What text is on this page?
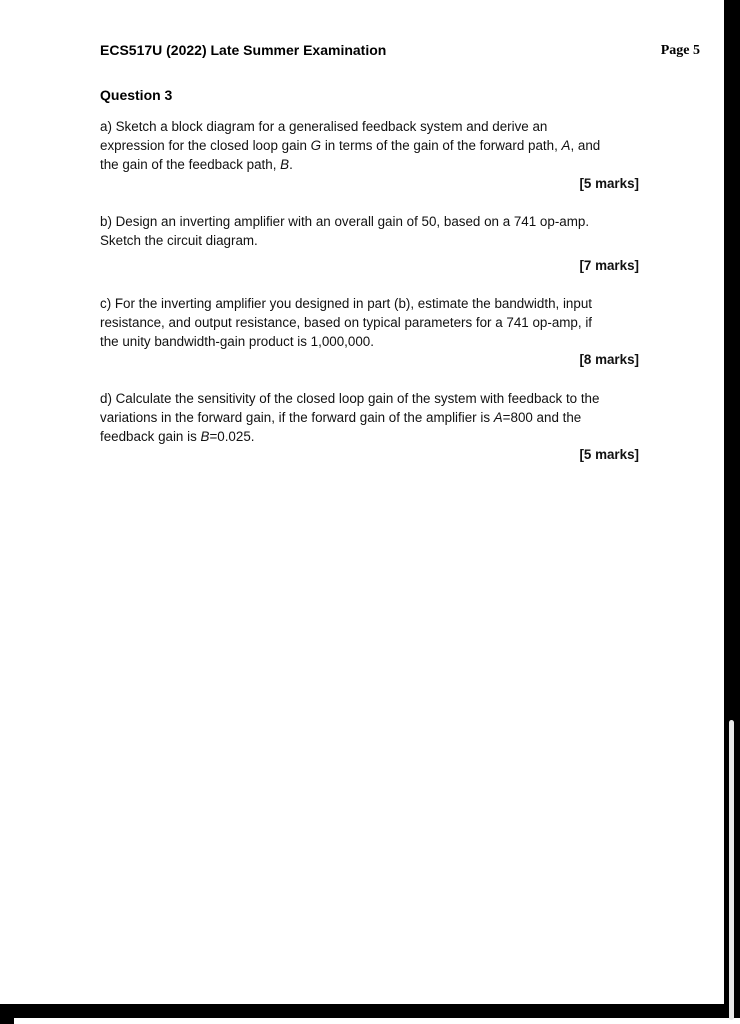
ECS517U (2022) Late Summer Examination	Page 5
Question 3
a) Sketch a block diagram for a generalised feedback system and derive an
expression for the closed loop gain G in terms of the gain of the forward path, A, and
the gain of the feedback path, B.
[5 marks]
b) Design an inverting amplifier with an overall gain of 50, based on a 741 op-amp.
Sketch the circuit diagram.
[7 marks]
c) For the inverting amplifier you designed in part (b), estimate the bandwidth, input
resistance, and output resistance, based on typical parameters for a 741 op-amp, if
the unity bandwidth-gain product is 1,000,000.
[8 marks]
d) Calculate the sensitivity of the closed loop gain of the system with feedback to the
variations in the forward gain, if the forward gain of the amplifier is A=800 and the
feedback gain is B=0.025.
[5 marks]
